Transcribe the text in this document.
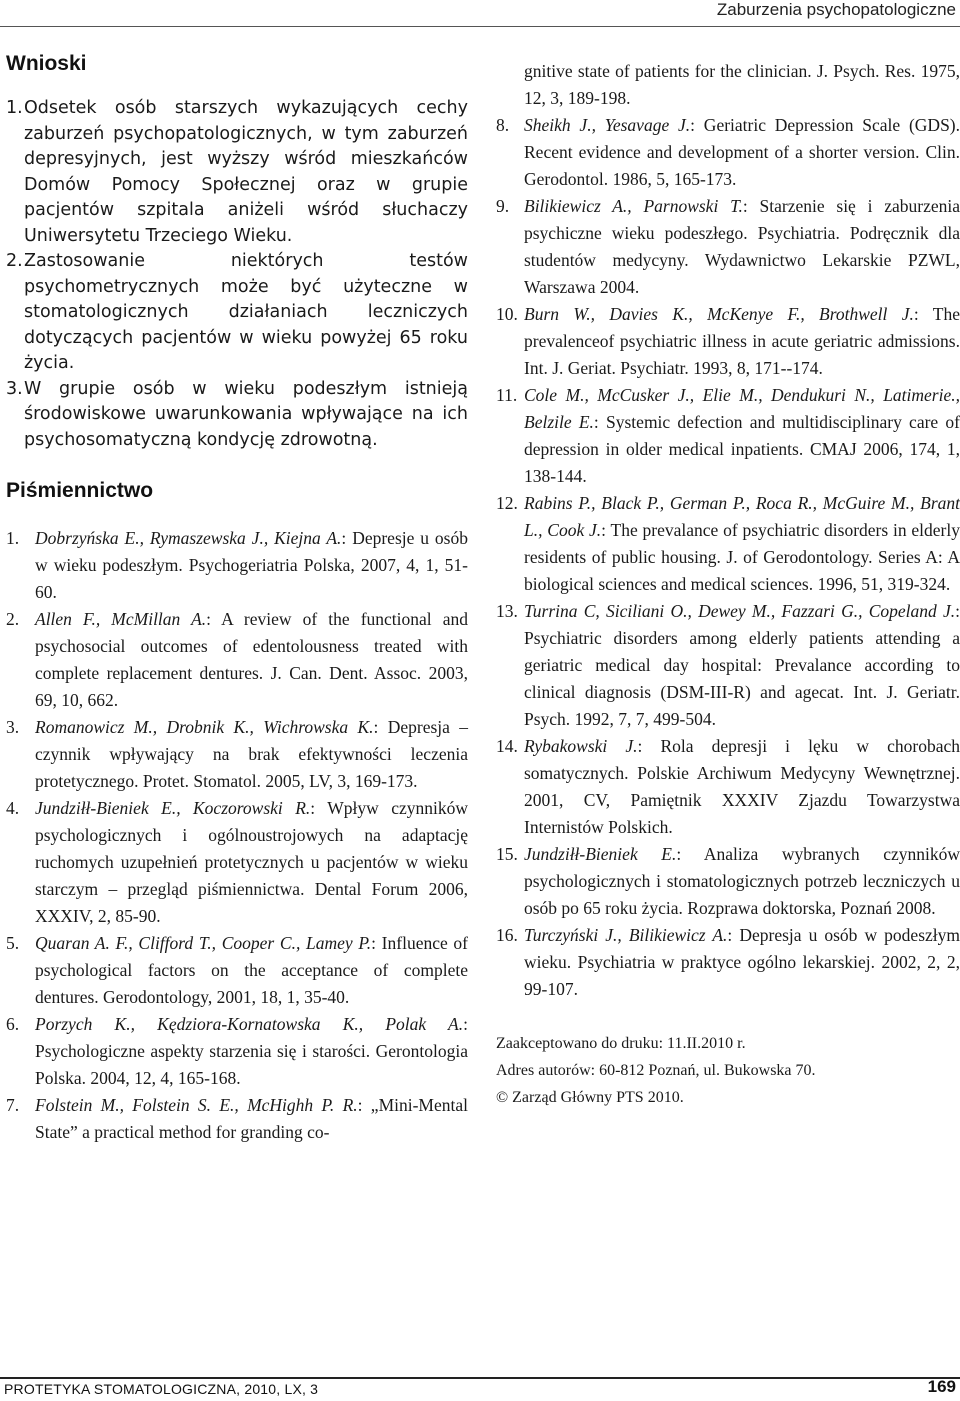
Zaburzenia psychopatologiczne
Wnioski
1.Odsetek osób starszych wykazujących cechy zaburzeń psychopatologicznych, w tym zaburzeń depresyjnych, jest wyższy wśród mieszkańców Domów Pomocy Społecznej oraz w grupie pacjentów szpitala aniżeli wśród słuchaczy Uniwersytetu Trzeciego Wieku.
2.Zastosowanie niektórych testów psychometrycznych może być użyteczne w stomatologicznych działaniach leczniczych dotyczących pacjentów w wieku powyżej 65 roku życia.
3.W grupie osób w wieku podeszłym istnieją środowiskowe uwarunkowania wpływające na ich psychosomatyczną kondycję zdrowotną.
Piśmiennictwo
1. Dobrzyńska E., Rymaszewska J., Kiejna A.: Depresje u osób w wieku podeszłym. Psychogeriatria Polska, 2007, 4, 1, 51-60.
2. Allen F., McMillan A.: A review of the functional and psychosocial outcomes of edentolousness treated with complete replacement dentures. J. Can. Dent. Assoc. 2003, 69, 10, 662.
3. Romanowicz M., Drobnik K., Wichrowska K.: Depresja – czynnik wpływający na brak efektywności leczenia protetycznego. Protet. Stomatol. 2005, LV, 3, 169-173.
4. Jundziłł-Bieniek E., Koczorowski R.: Wpływ czynników psychologicznych i ogólnoustrojowych na adaptację ruchomych uzupełnień protetycznych u pacjentów w wieku starczym – przegląd piśmiennictwa. Dental Forum 2006, XXXIV, 2, 85-90.
5. Quaran A. F., Clifford T., Cooper C., Lamey P.: Influence of psychological factors on the acceptance of complete dentures. Gerodontology, 2001, 18, 1, 35-40.
6. Porzych K., Kędziora-Kornatowska K., Polak A.: Psychologiczne aspekty starzenia się i starości. Gerontologia Polska. 2004, 12, 4, 165-168.
7. Folstein M., Folstein S. E., McHighh P. R.: „Mini-Mental State” a practical method for granding co-
gnitive state of patients for the clinician. J. Psych. Res. 1975, 12, 3, 189-198.
8. Sheikh J., Yesavage J.: Geriatric Depression Scale (GDS). Recent evidence and development of a shorter version. Clin. Gerodontol. 1986, 5, 165-173.
9. Bilikiewicz A., Parnowski T.: Starzenie się i zaburzenia psychiczne wieku podeszłego. Psychiatria. Podręcznik dla studentów medycyny. Wydawnictwo Lekarskie PZWL, Warszawa 2004.
10. Burn W., Davies K., McKenye F., Brothwell J.: The prevalenceof psychiatric illness in acute geriatric admissions. Int. J. Geriat. Psychiatr. 1993, 8, 171--174.
11. Cole M., McCusker J., Elie M., Dendukuri N., Latimerie., Belzile E.: Systemic defection and multidisciplinary care of depression in older medical inpatients. CMAJ 2006, 174, 1, 138-144.
12. Rabins P., Black P., German P., Roca R., McGuire M., Brant L., Cook J.: The prevalance of psychiatric disorders in elderly residents of public housing. J. of Gerodontology. Series A: A biological sciences and medical sciences. 1996, 51, 319-324.
13. Turrina C, Siciliani O., Dewey M., Fazzari G., Copeland J.: Psychiatric disorders among elderly patients attending a geriatric medical day hospital: Prevalance according to clinical diagnosis (DSM-III-R) and agecat. Int. J. Geriatr. Psych. 1992, 7, 7, 499-504.
14. Rybakowski J.: Rola depresji i lęku w chorobach somatycznych. Polskie Archiwum Medycyny Wewnętrznej. 2001, CV, Pamiętnik XXXIV Zjazdu Towarzystwa Internistów Polskich.
15. Jundziłł-Bieniek E.: Analiza wybranych czynników psychologicznych i stomatologicznych potrzeb leczniczych u osób po 65 roku życia. Rozprawa doktorska, Poznań 2008.
16. Turczyński J., Bilikiewicz A.: Depresja u osób w podeszłym wieku. Psychiatria w praktyce ogólno lekarskiej. 2002, 2, 2, 99-107.
Zaakceptowano do druku: 11.II.2010 r.
Adres autorów: 60-812 Poznań, ul. Bukowska 70.
© Zarząd Główny PTS 2010.
PROTETYKA STOMATOLOGICZNA, 2010, LX, 3	169
